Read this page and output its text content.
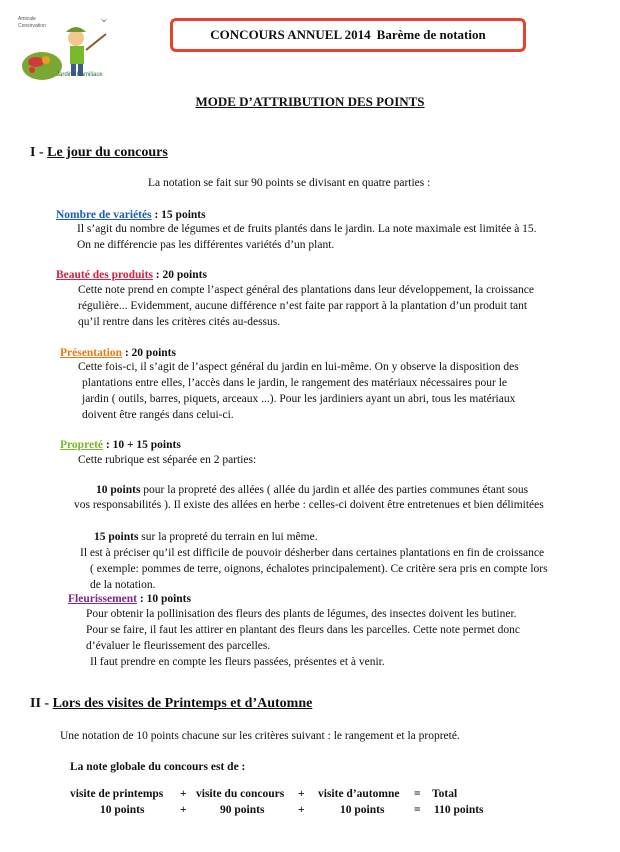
Amicale
Consirvation
Jardins Familiaux
CONCOURS ANNUEL 2014 Barème de notation
MODE D’ATTRIBUTION DES POINTS
I - Le jour du concours
La notation se fait sur 90 points se divisant en quatre parties :
Nombre de variétés : 15 points
Il s’agit du nombre de légumes et de fruits plantés dans le jardin. La note maximale est limitée à 15.
On ne différencie pas les différentes variétés d’un plant.
Beauté des produits : 20 points
Cette note prend en compte l’aspect général des plantations dans leur développement, la croissance
régulière... Evidemment, aucune différence n’est faite par rapport à la plantation d’un produit tant
qu’il rentre dans les critères cités au-dessus.
Présentation : 20 points
Cette fois-ci, il s’agit de l’aspect général du jardin en lui-même. On y observe la disposition des
plantations entre elles, l’accès dans le jardin, le rangement des matériaux nécessaires pour le
jardin ( outils, barres, piquets, arceaux ...). Pour les jardiniers ayant un abri, tous les matériaux
doivent être rangés dans celui-ci.
Propreté : 10 + 15 points
Cette rubrique est séparée en 2 parties:
10 points pour la propreté des allées ( allée du jardin et allée des parties communes étant sous
vos responsabilités ). Il existe des allées en herbe : celles-ci doivent être entretenues et bien délimitées
15 points sur la propreté du terrain en lui même.
Il est à préciser qu’il est difficile de pouvoir désherber dans certaines plantations en fin de croissance
( exemple: pommes de terre, oignons, échalotes principalement). Ce critère sera pris en compte lors
de la notation.
Fleurissement : 10 points
Pour obtenir la pollinisation des fleurs des plants de légumes, des insectes doivent les butiner.
Pour se faire, il faut les attirer en plantant des fleurs dans les parcelles. Cette note permet donc
d’évaluer le fleurissement des parcelles.
Il faut prendre en compte les fleurs passées, présentes et à venir.
II - Lors des visites de Printemps et d’Automne
Une notation de 10 points chacune sur les critères suivant : le rangement et la propreté.
La note globale du concours est de :
visite de printemps + visite du concours + visite d’automne = Total
10 points	+	90 points	+	10 points	= 110 points
